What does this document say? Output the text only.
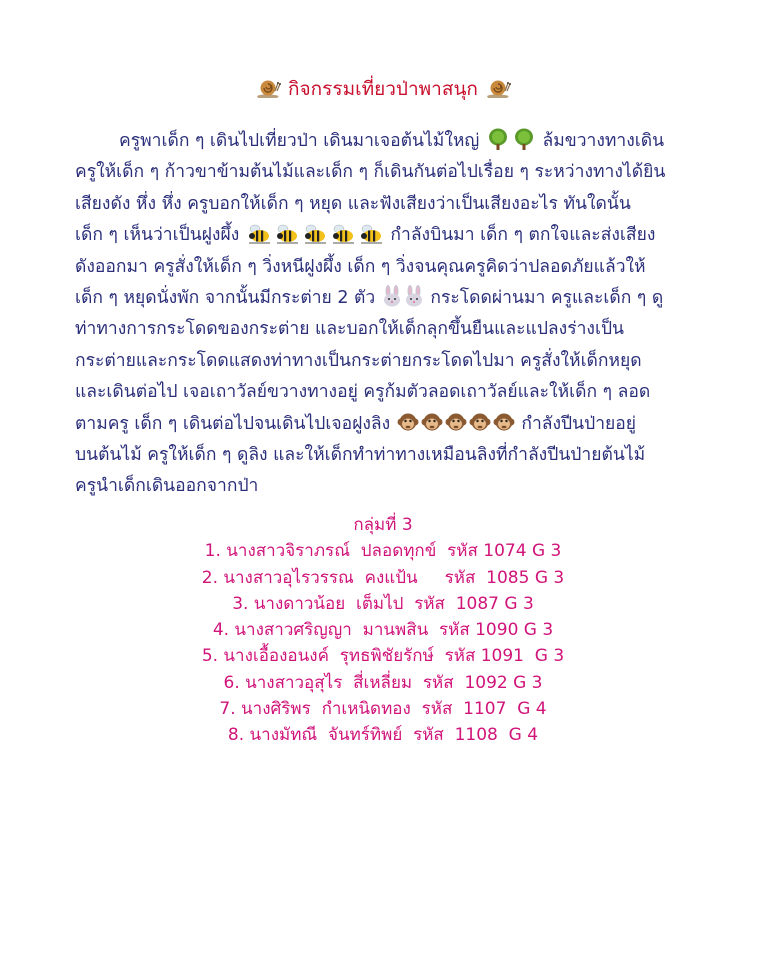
กิจกรรมเที่ยวป่าพาสนุก
ครูพาเด็ก ๆ เดินไปเที่ยวป่า เดินมาเจอต้นไม้ใหญ่	ล้มขวางทางเดิน
ครูให้เด็ก ๆ ก้าวขาข้ามต้นไม้และเด็ก ๆ ก็เดินกันต่อไปเรื่อย ๆ ระหว่างทางได้ยิน
เสียงดัง หึ่ง หึ่ง ครูบอกให้เด็ก ๆ หยุด และฟังเสียงว่าเป็นเสียงอะไร ทันใดนั้น
เด็ก ๆ เห็นว่าเป็นฝูงผึ้ง	กำลังบินมา เด็ก ๆ ตกใจและส่งเสียง
ดังออกมา ครูสั่งให้เด็ก ๆ วิ่งหนีฝูงผึ้ง เด็ก ๆ วิ่งจนคุณครูคิดว่าปลอดภัยแล้วให้
เด็ก ๆ หยุดนั่งพัก จากนั้นมีกระต่าย 2 ตัว	กระโดดผ่านมา ครูและเด็ก ๆ ดู
ท่าทางการกระโดดของกระต่าย และบอกให้เด็กลุกขึ้นยืนและแปลงร่างเป็น
กระต่ายและกระโดดแสดงท่าทางเป็นกระต่ายกระโดดไปมา ครูสั่งให้เด็กหยุด
และเดินต่อไป เจอเถาวัลย์ขวางทางอยู่ ครูก้มตัวลอดเถาวัลย์และให้เด็ก ๆ ลอด
ตามครู เด็ก ๆ เดินต่อไปจนเดินไปเจอฝูงลิง	กำลังปีนป่ายอยู่
บนต้นไม้ ครูให้เด็ก ๆ ดูลิง และให้เด็กทำท่าทางเหมือนลิงที่กำลังปีนป่ายต้นไม้
ครูนำเด็กเดินออกจากป่า
กลุ่มที่ 3
1. นางสาวจิราภรณ์  ปลอดทุกข์  รหัส 1074 G 3
2. นางสาวอุไรวรรณ  คงแป้น     รหัส  1085 G 3
3. นางดาวน้อย  เต็มไป  รหัส  1087 G 3
4. นางสาวศริญญา  มานพสิน  รหัส 1090 G 3
5. นางเอื้องอนงค์  รุทธพิชัยรักษ์  รหัส 1091  G 3
6. นางสาวอุสุไร  สี่เหลี่ยม  รหัส  1092 G 3
7. นางศิริพร  กำเหนิดทอง  รหัส  1107  G 4
8. นางมัทณี  จันทร์ทิพย์  รหัส  1108  G 4
